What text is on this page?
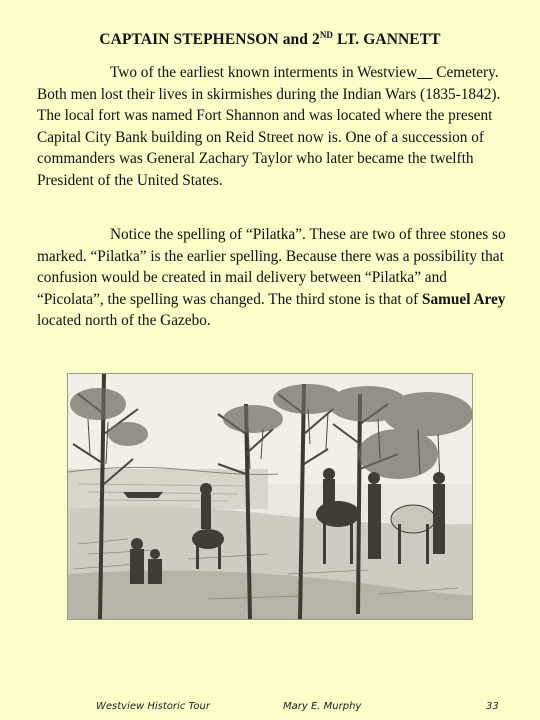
CAPTAIN STEPHENSON and 2ND LT. GANNETT

Two of the earliest known interments in Westview Cemetery. Both men lost their lives in skirmishes during the Indian Wars (1835-1842). The local fort was named Fort Shannon and was located where the present Capital City Bank building on Reid Street now is. One of a succession of commanders was General Zachary Taylor who later became the twelfth President of the United States.

Notice the spelling of “Pilatka”. These are two of three stones so marked. “Pilatka” is the earlier spelling. Because there was a possibility that confusion would be created in mail delivery between “Pilatka” and “Picolata”, the spelling was changed. The third stone is that of Samuel Arey located north of the Gazebo.

Westview Historic Tour	Mary E. Murphy	33
